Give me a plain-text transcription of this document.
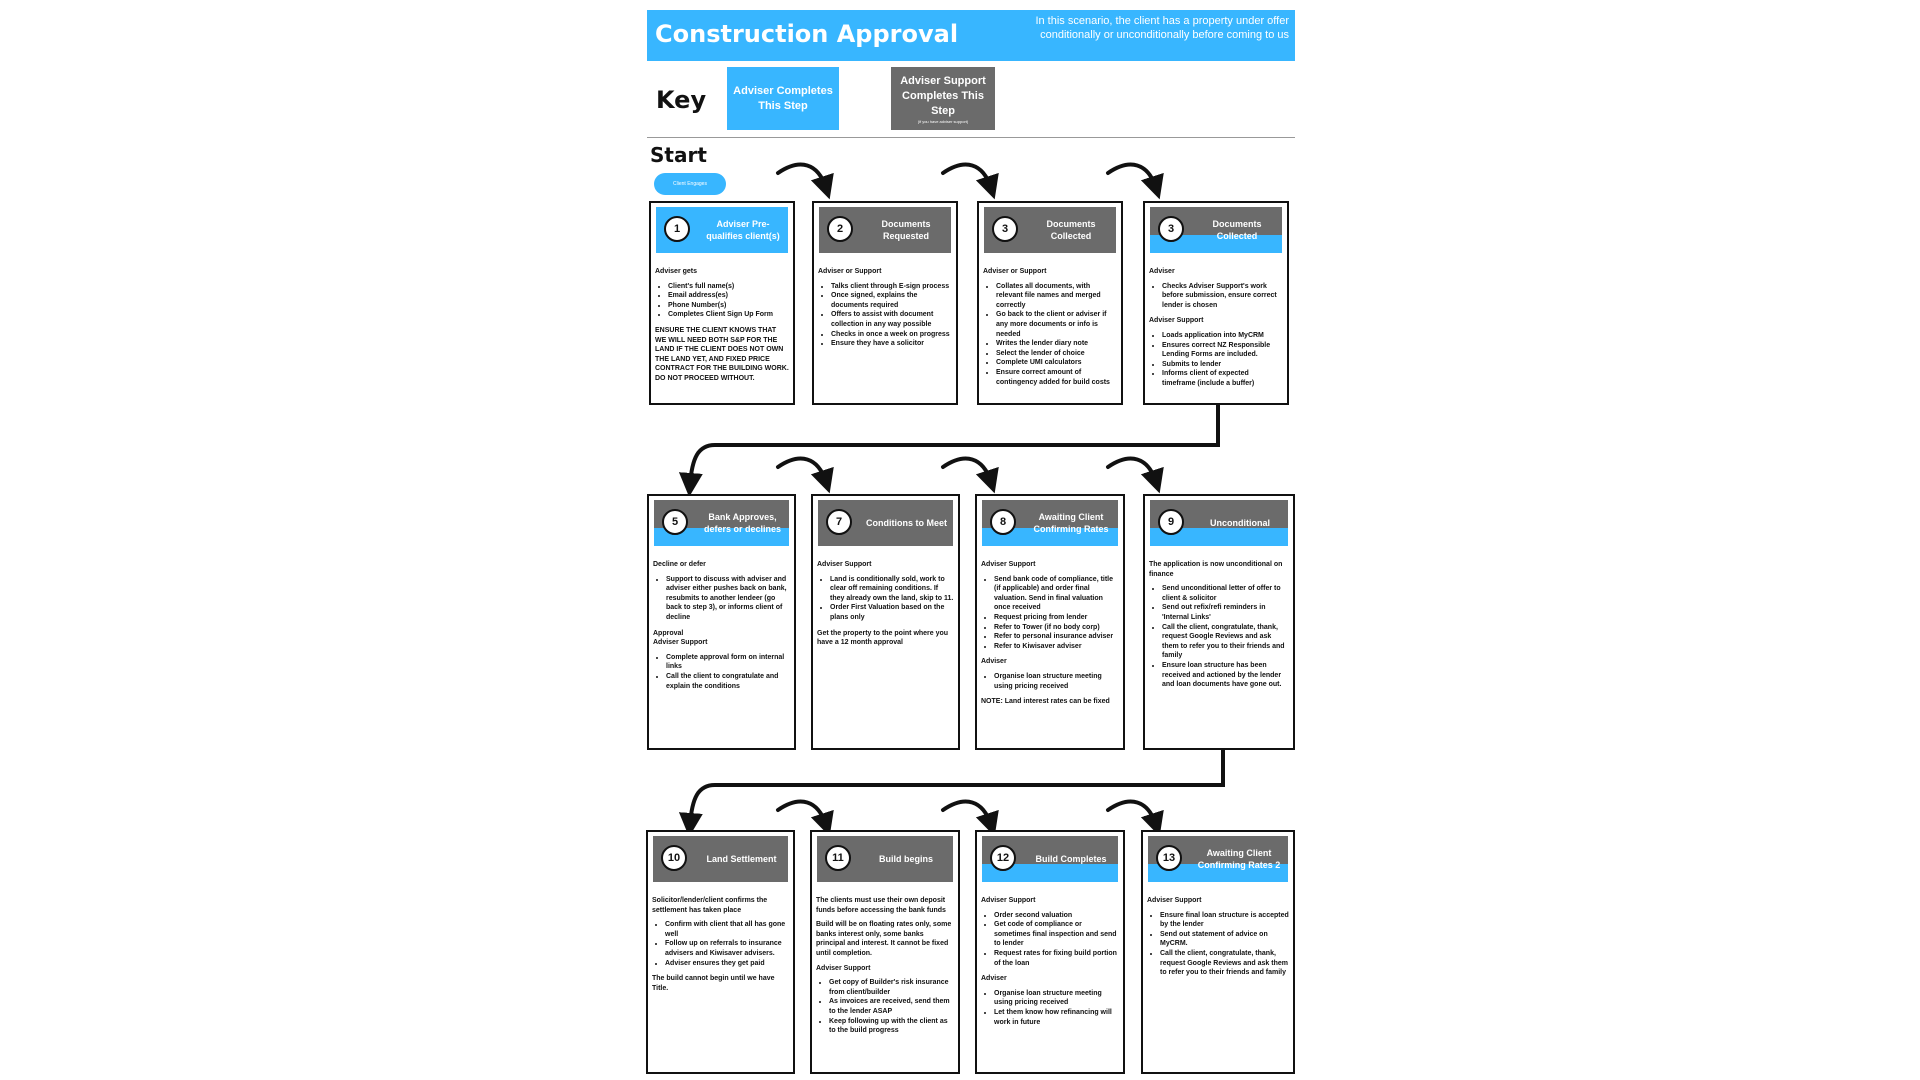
Construction Approval	In this scenario, the client has a property under offer conditionally or unconditionally before coming to us
Key	Adviser Completes This Step
Adviser Support Completes This Step
(if you have adviser support)
Start
Client Engages
1	Adviser Pre-qualifies client(s)

Adviser gets

• Client's full name(s)
• Email address(es)
• Phone Number(s)
• Completes Client Sign Up Form

ENSURE THE CLIENT KNOWS THAT WE WILL NEED BOTH S&P FOR THE LAND IF THE CLIENT DOES NOT OWN THE LAND YET, AND FIXED PRICE CONTRACT FOR THE BUILDING WORK. DO NOT PROCEED WITHOUT.

2	Documents Requested

Adviser or Support

• Talks client through E-sign process
• Once signed, explains the documents required
• Offers to assist with document collection in any way possible
• Checks in once a week on progress
• Ensure they have a solicitor
3	Documents Collected

Adviser or Support

• Collates all documents, with relevant file names and merged correctly
• Go back to the client or adviser if any more documents or info is needed
• Writes the lender diary note
• Select the lender of choice
• Complete UMI calculators
• Ensure correct amount of contingency added for build costs
3	Documents Collected

Adviser

• Checks Adviser Support's work before submission, ensure correct lender is chosen

Adviser Support

• Loads application into MyCRM
• Ensures correct NZ Responsible Lending Forms are included.
• Submits to lender
• Informs client of expected timeframe (include a buffer)
5	Bank Approves, defers or declines

Decline or defer

• Support to discuss with adviser and adviser either pushes back on bank, resubmits to another lendeer (go back to step 3), or informs client of decline

Approval

Adviser Support

• Complete approval form on internal links
• Call the client to congratulate and explain the conditions
7	Conditions to Meet

Adviser Support

• Land is conditionally sold, work to clear off remaining conditions. If they already own the land, skip to 11.
• Order First Valuation based on the plans only

Get the property to the point where you have a 12 month approval

8	Awaiting Client Confirming Rates

Adviser Support

• Send bank code of compliance, title (if applicable) and order final valuation. Send in final valuation once received
• Request pricing from lender
• Refer to Tower (if no body corp)
• Refer to personal insurance adviser
• Refer to Kiwisaver adviser

Adviser

• Organise loan structure meeting using pricing received

NOTE: Land interest rates can be fixed

9	Unconditional

The application is now unconditional on finance

• Send unconditional letter of offer to client & solicitor
• Send out refix/refi reminders in 'Internal Links'
• Call the client, congratulate, thank, request Google Reviews and ask them to refer you to their friends and family
• Ensure loan structure has been received and actioned by the lender and loan documents have gone out.
10	Land Settlement

Solicitor/lender/client confirms the settlement has taken place

• Confirm with client that all has gone well
• Follow up on referrals to insurance advisers and Kiwisaver advisers.
• Adviser ensures they get paid

The build cannot begin until we have Title.

11	Build begins

The clients must use their own deposit funds before accessing the bank funds

Build will be on floating rates only, some banks interest only, some banks principal and interest. It cannot be fixed until completion.

Adviser Support

• Get copy of Builder's risk insurance from client/builder
• As invoices are received, send them to the lender ASAP
• Keep following up with the client as to the build progress
12	Build Completes

Adviser Support

• Order second valuation
• Get code of compliance or sometimes final inspection and send to lender
• Request rates for fixing build portion of the loan

Adviser

• Organise loan structure meeting using pricing received
• Let them know how refinancing will work in future
13	Awaiting Client Confirming Rates 2

Adviser Support

• Ensure final loan structure is accepted by the lender
• Send out statement of advice on MyCRM.
• Call the client, congratulate, thank, request Google Reviews and ask them to refer you to their friends and family
